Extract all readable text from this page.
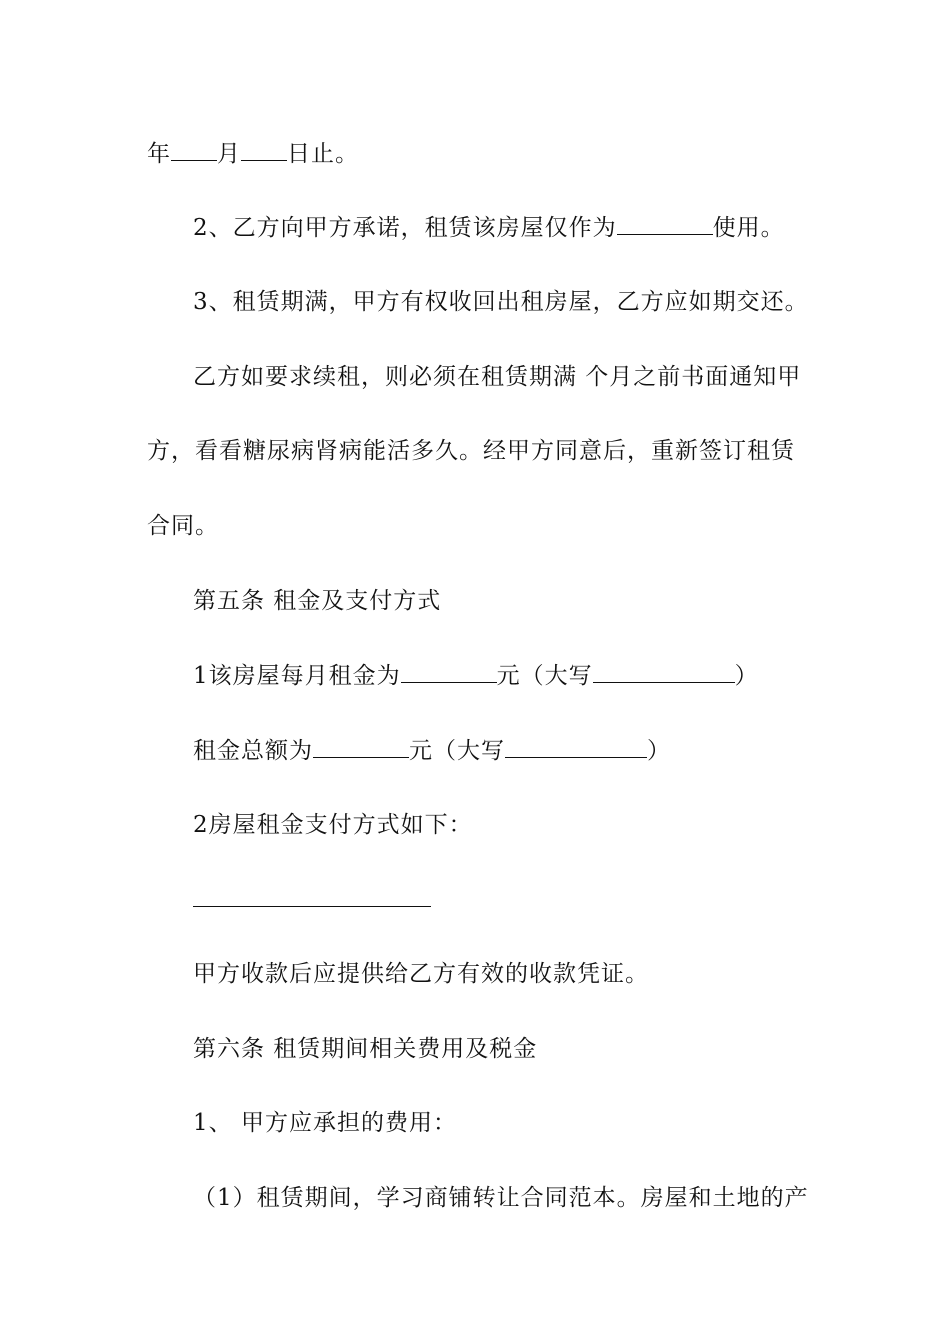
年 月 日止。
2、乙方向甲方承诺，租赁该房屋仅作为	使用。
3、租赁期满，甲方有权收回出租房屋，乙方应如期交还。
乙方如要求续租，则必须在租赁期满 个月之前书面通知甲
方，看看糖尿病肾病能活多久。经甲方同意后，重新签订租赁
合同。
第五条 租金及支付方式
1该房屋每月租金为	元（大写	）
租金总额为	元（大写	）
2房屋租金支付方式如下：
甲方收款后应提供给乙方有效的收款凭证。
第六条 租赁期间相关费用及税金
1、 甲方应承担的费用：
（1）租赁期间，学习商铺转让合同范本。房屋和土地的产
